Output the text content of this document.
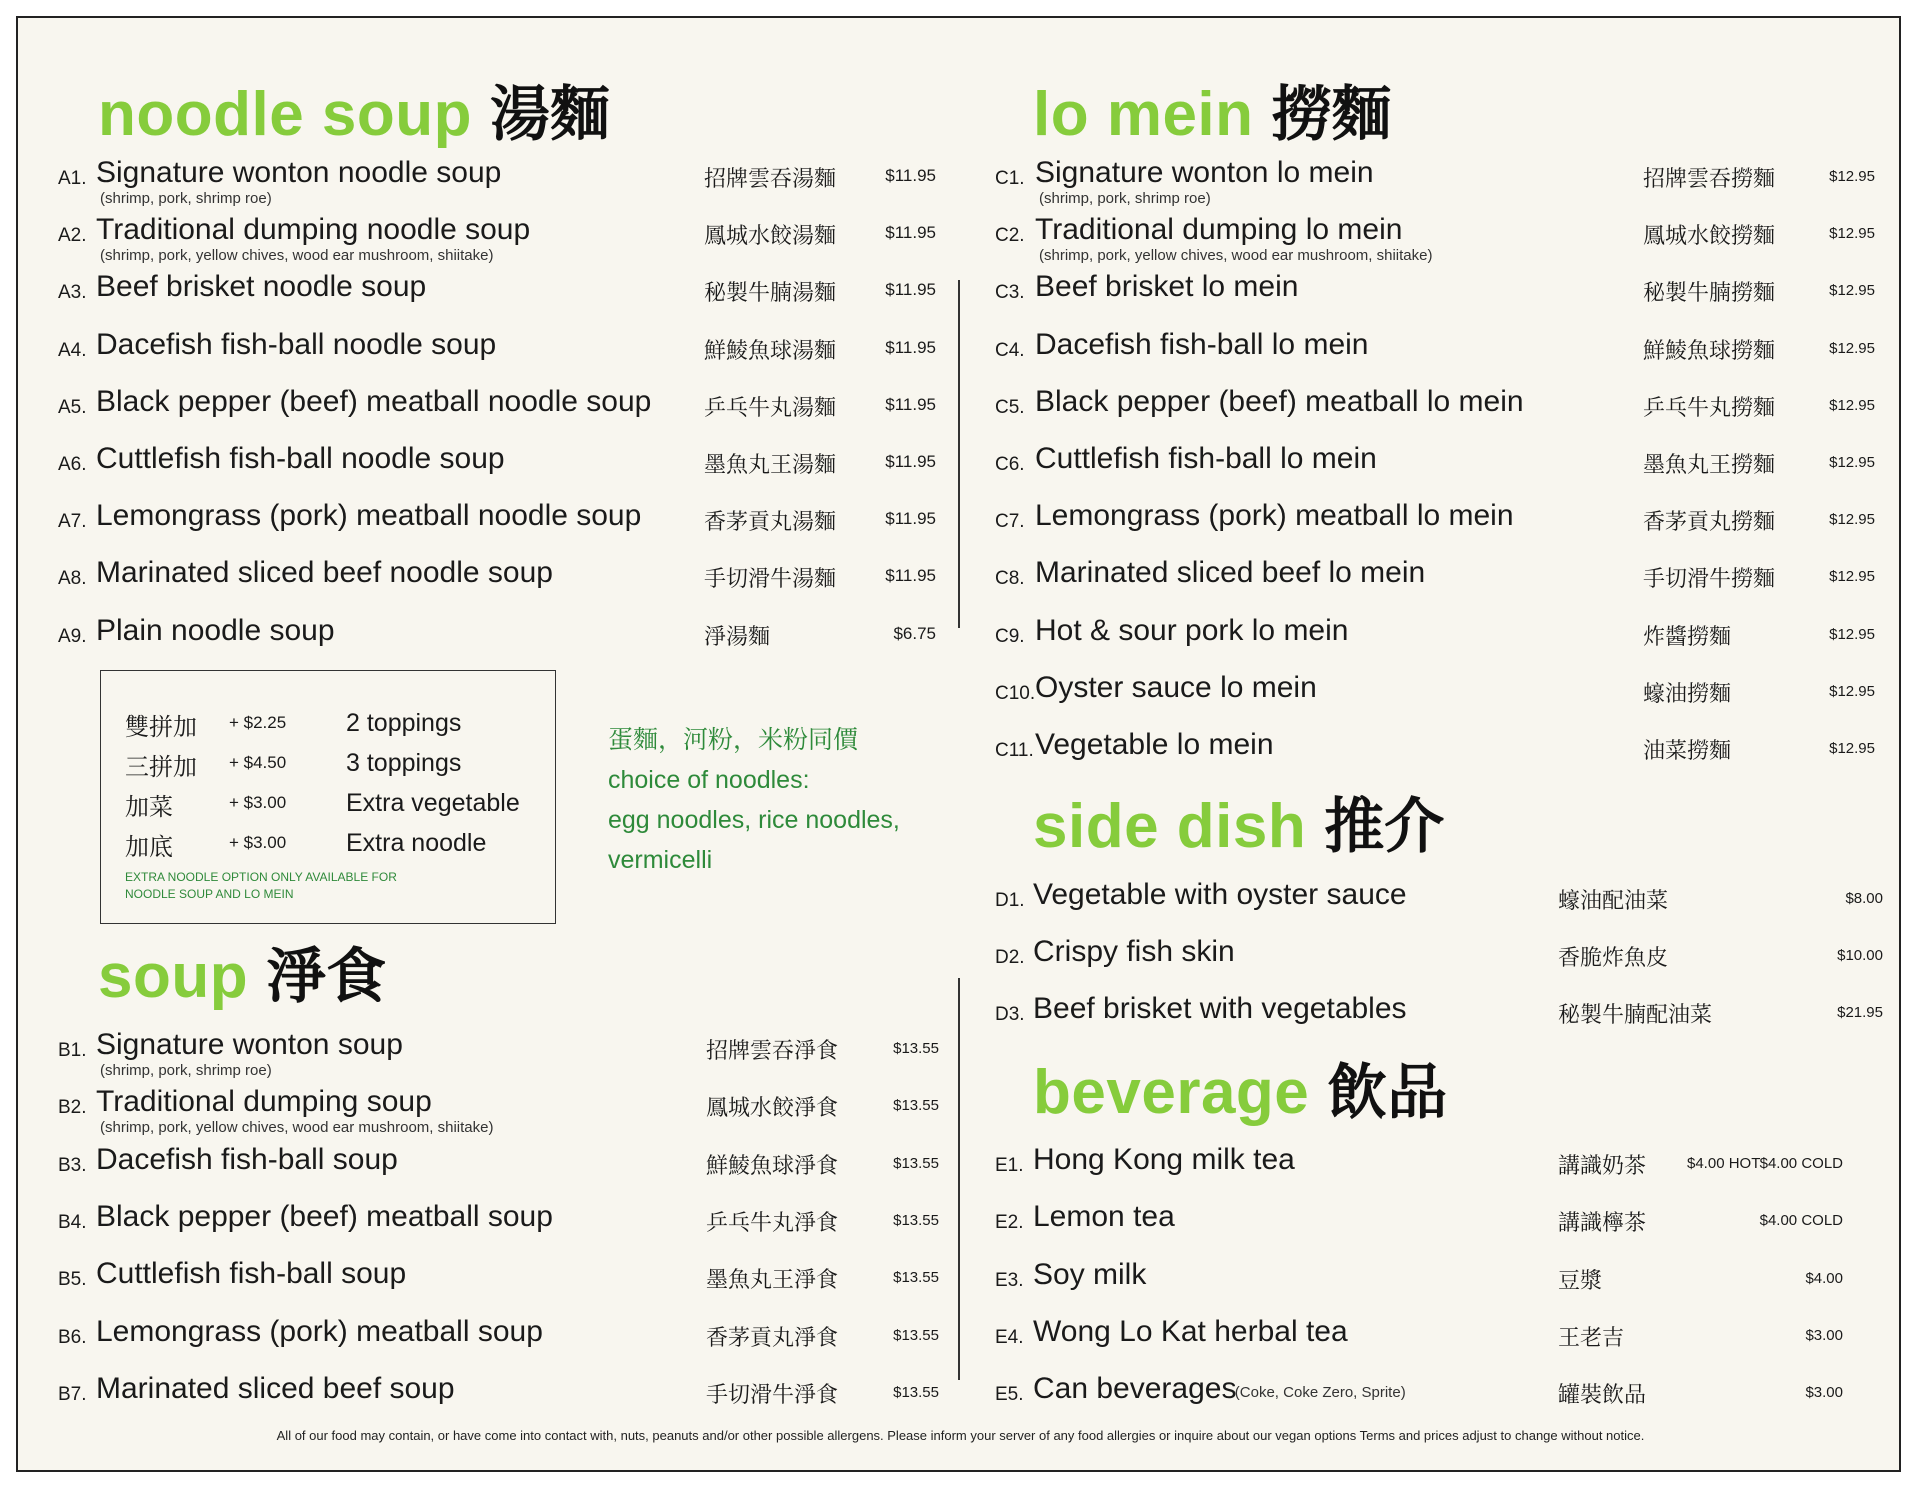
noodle soup 湯麵	lo mein 撈麵
soup 淨食
side dish 推介
beverage 飲品
A1. Signature wonton noodle soup
(shrimp, pork, shrimp roe)
招牌雲吞湯麵	$11.95
A2. Traditional dumping noodle soup
(shrimp, pork, yellow chives, wood ear mushroom, shiitake)
鳳城水餃湯麵	$11.95
A3. Beef brisket noodle soup	秘製牛腩湯麵	$11.95
A4. Dacefish fish-ball noodle soup	鮮鯪魚球湯麵	$11.95
A5. Black pepper (beef) meatball noodle soup 乒乓牛丸湯麵	$11.95
A6. Cuttlefish fish-ball noodle soup	墨魚丸王湯麵	$11.95
A7. Lemongrass (pork) meatball noodle soup	香茅貢丸湯麵	$11.95
A8. Marinated sliced beef noodle soup	手切滑牛湯麵	$11.95
A9. Plain noodle soup	淨湯麵	$6.75
B1. Signature wonton soup
(shrimp, pork, shrimp roe)
招牌雲吞淨食	$13.55
B2. Traditional dumping soup
(shrimp, pork, yellow chives, wood ear mushroom, shiitake)
鳳城水餃淨食	$13.55
B3. Dacefish fish-ball soup	鮮鯪魚球淨食	$13.55
B4. Black pepper (beef) meatball soup	乒乓牛丸淨食	$13.55
B5. Cuttlefish fish-ball soup	墨魚丸王淨食	$13.55
B6. Lemongrass (pork) meatball soup	香茅貢丸淨食	$13.55
B7. Marinated sliced beef soup	手切滑牛淨食	$13.55
C1. Signature wonton lo mein
(shrimp, pork, shrimp roe)
招牌雲吞撈麵	$12.95
C2. Traditional dumping lo mein
(shrimp, pork, yellow chives, wood ear mushroom, shiitake)
鳳城水餃撈麵	$12.95
C3. Beef brisket lo mein	秘製牛腩撈麵	$12.95
C4. Dacefish fish-ball lo mein	鮮鯪魚球撈麵	$12.95
C5. Black pepper (beef) meatball lo mein	乒乓牛丸撈麵	$12.95
C6. Cuttlefish fish-ball lo mein	墨魚丸王撈麵	$12.95
C7. Lemongrass (pork) meatball lo mein	香茅貢丸撈麵	$12.95
C8. Marinated sliced beef lo mein	手切滑牛撈麵	$12.95
C9. Hot & sour pork lo mein	炸醬撈麵	$12.95
C10. Oyster sauce lo mein	蠔油撈麵	$12.95
C11. Vegetable lo mein	油菜撈麵	$12.95
D1. Vegetable with oyster sauce	蠔油配油菜	$8.00
D2. Crispy fish skin	香脆炸魚皮	$10.00
D3. Beef brisket with vegetables	秘製牛腩配油菜	$21.95
E1. Hong Kong milk tea	講識奶茶	$4.00 HOT $4.00 COLD
E2. Lemon tea	講識檸茶	$4.00 COLD
E3. Soy milk	豆漿	$4.00
E4. Wong Lo Kat herbal tea	王老吉	$3.00
E5. Can beverages
(Coke, Coke Zero, Sprite)	罐裝飲品	$3.00
雙拼加 + $2.25 2 toppings
三拼加 + $4.50 3 toppings
加菜	+ $3.00 Extra vegetable
加底	+ $3.00 Extra noodle
EXTRA NOODLE OPTION ONLY AVAILABLE FOR
NOODLE SOUP AND LO MEIN
蛋麵，河粉，米粉同價
choice of noodles:
egg noodles, rice noodles,
vermicelli
All of our food may contain, or have come into contact with, nuts, peanuts and/or other possible allergens. Please inform your server of any food allergies or inquire about our vegan options Terms and prices adjust to change without notice.
